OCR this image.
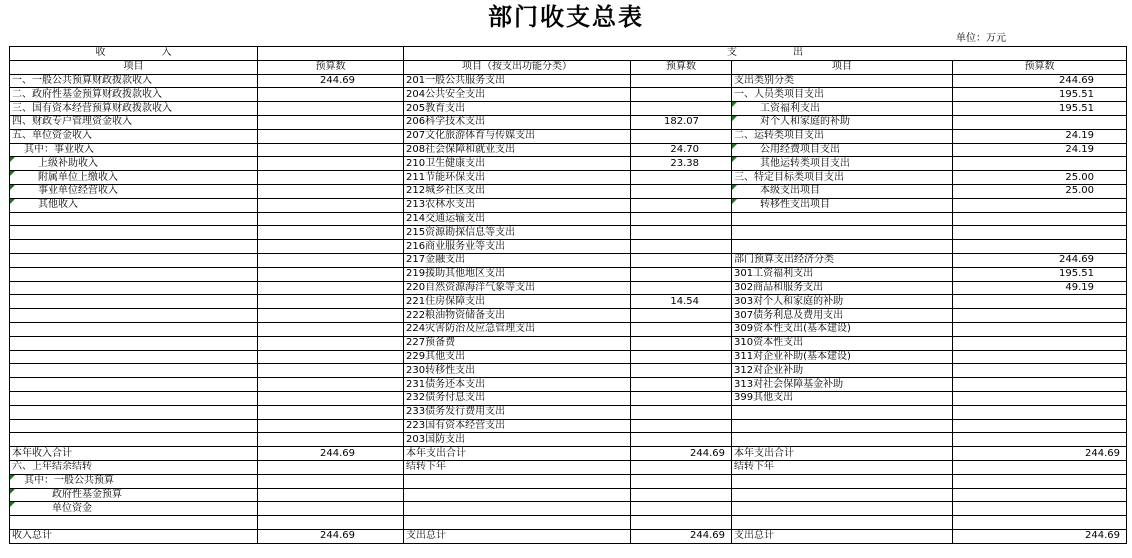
部门收支总表
单位：万元
收 入		支 出			
项目	预算数	项目（按支出功能分类）	预算数	项目	预算数
一、一般公共预算财政拨款收入	244.69	201一般公共服务支出		支出类别分类	244.69
二、政府性基金预算财政拨款收入		204公共安全支出		一、人员类项目支出	195.51
三、国有资本经营预算财政拨款收入		205教育支出		工资福利支出	195.51
四、财政专户管理资金收入		206科学技术支出	182.07	对个人和家庭的补助	
五、单位资金收入		207文化旅游体育与传媒支出		二、运转类项目支出	24.19
其中：事业收入		208社会保障和就业支出	24.70	公用经费项目支出	24.19
上级补助收入		210卫生健康支出	23.38	其他运转类项目支出	
附属单位上缴收入		211节能环保支出		三、特定目标类项目支出	25.00
事业单位经营收入		212城乡社区支出		本级支出项目	25.00
其他收入		213农林水支出		转移性支出项目	
		214交通运输支出			
		215资源勘探信息等支出			
		216商业服务业等支出			
		217金融支出		部门预算支出经济分类	244.69
		219援助其他地区支出		301工资福利支出	195.51
		220自然资源海洋气象等支出		302商品和服务支出	49.19
		221住房保障支出	14.54	303对个人和家庭的补助	
		222粮油物资储备支出		307债务利息及费用支出	
		224灾害防治及应急管理支出		309资本性支出(基本建设)	
		227预备费		310资本性支出	
		229其他支出		311对企业补助(基本建设)	
		230转移性支出		312对企业补助	
		231债务还本支出		313对社会保障基金补助	
		232债务付息支出		399其他支出	
		233债务发行费用支出			
		223国有资本经营支出			
		203国防支出			
本年收入合计	244.69	本年支出合计	244.69	本年支出合计	244.69
六、上年结余结转		结转下年		结转下年	
其中：一般公共预算					
政府性基金预算					
单位资金					

收入总计	244.69	支出总计	244.69	支出总计	244.69
